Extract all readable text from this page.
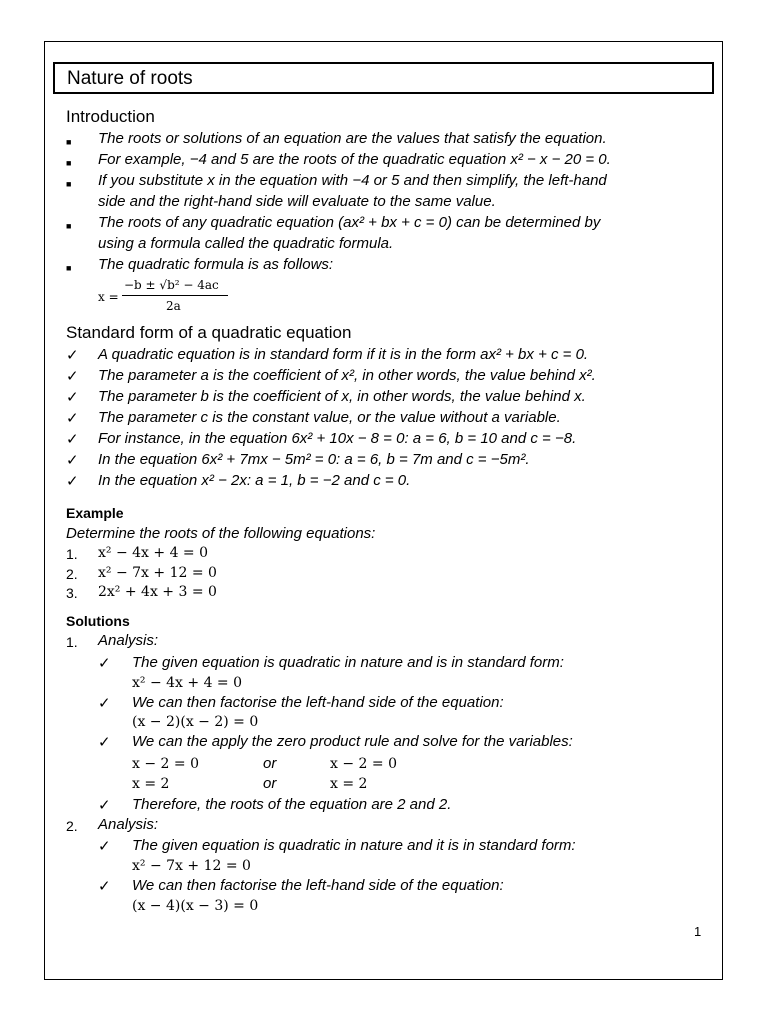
Nature of roots
Introduction
■ The roots or solutions of an equation are the values that satisfy the equation.
■ For example, −4 and 5 are the roots of the quadratic equation x² − x − 20 = 0.
■ If you substitute x in the equation with −4 or 5 and then simplify, the left-hand
side and the right-hand side will evaluate to the same value.
■ The roots of any quadratic equation (ax² + bx + c = 0) can be determined by
using a formula called the quadratic formula.
■ The quadratic formula is as follows:
x =
−b ± √b² − 4ac
2a
Standard form of a quadratic equation
✓ A quadratic equation is in standard form if it is in the form ax² + bx + c = 0.
✓ The parameter a is the coefficient of x², in other words, the value behind x².
✓ The parameter b is the coefficient of x, in other words, the value behind x.
✓ The parameter c is the constant value, or the value without a variable.
✓ For instance, in the equation 6x² + 10x − 8 = 0: a = 6, b = 10 and c = −8.
✓ In the equation 6x² + 7mx − 5m² = 0: a = 6, b = 7m and c = −5m².
✓ In the equation x² − 2x: a = 1, b = −2 and c = 0.
Example
Determine the roots of the following equations:
1. x² − 4x + 4 = 0
2. x² − 7x + 12 = 0
3. 2x² + 4x + 3 = 0
Solutions
1. Analysis:
✓ The given equation is quadratic in nature and is in standard form:
x² − 4x + 4 = 0
✓ We can then factorise the left-hand side of the equation:
(x − 2)(x − 2) = 0
✓ We can the apply the zero product rule and solve for the variables:
x − 2 = 0	or	x − 2 = 0
x = 2	or	x = 2
✓ Therefore, the roots of the equation are 2 and 2.
2. Analysis:
✓ The given equation is quadratic in nature and it is in standard form:
x² − 7x + 12 = 0
✓ We can then factorise the left-hand side of the equation:
(x − 4)(x − 3) = 0
1
